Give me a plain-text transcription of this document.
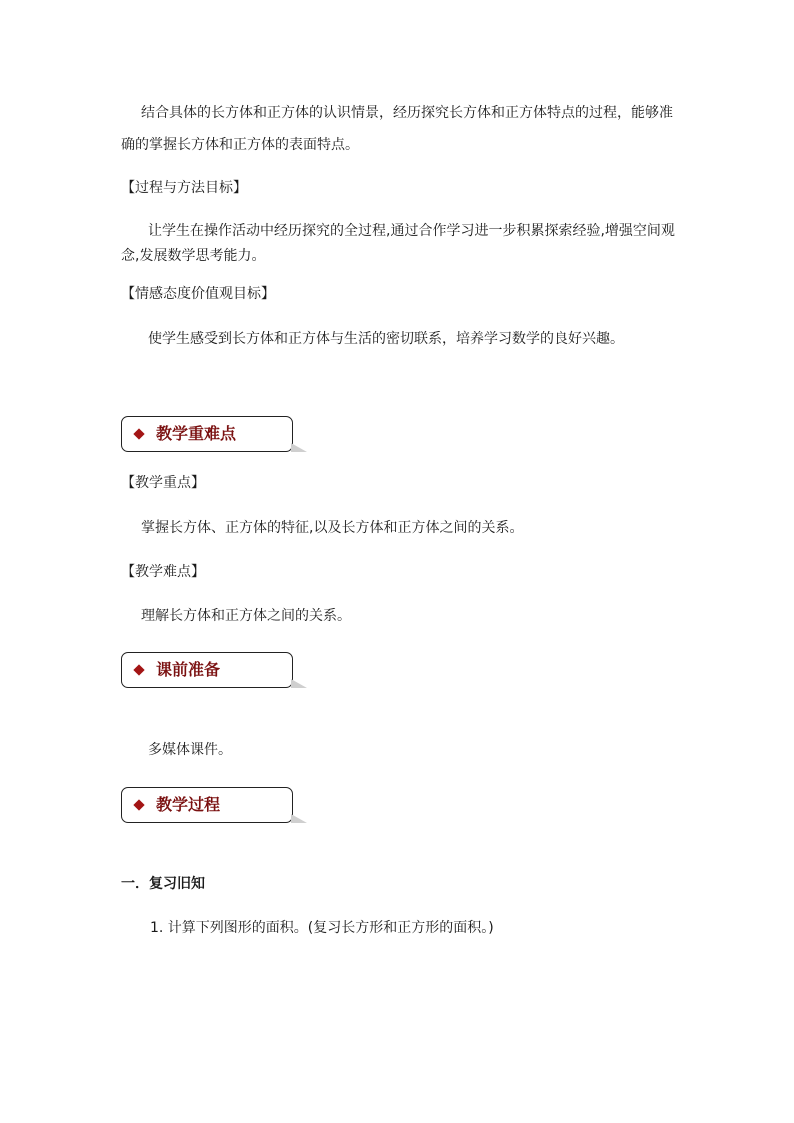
结合具体的长方体和正方体的认识情景，经历探究长方体和正方体特点的过程，能够准
确的掌握长方体和正方体的表面特点。
【过程与方法目标】
让学生在操作活动中经历探究的全过程,通过合作学习进一步积累探索经验,增强空间观
念,发展数学思考能力。
【情感态度价值观目标】
使学生感受到长方体和正方体与生活的密切联系，培养学习数学的良好兴趣。
教学重难点
【教学重点】
掌握长方体、正方体的特征,以及长方体和正方体之间的关系。
【教学难点】
理解长方体和正方体之间的关系。
课前准备
多媒体课件。
教学过程
一．复习旧知
1. 计算下列图形的面积。(复习长方形和正方形的面积。)
